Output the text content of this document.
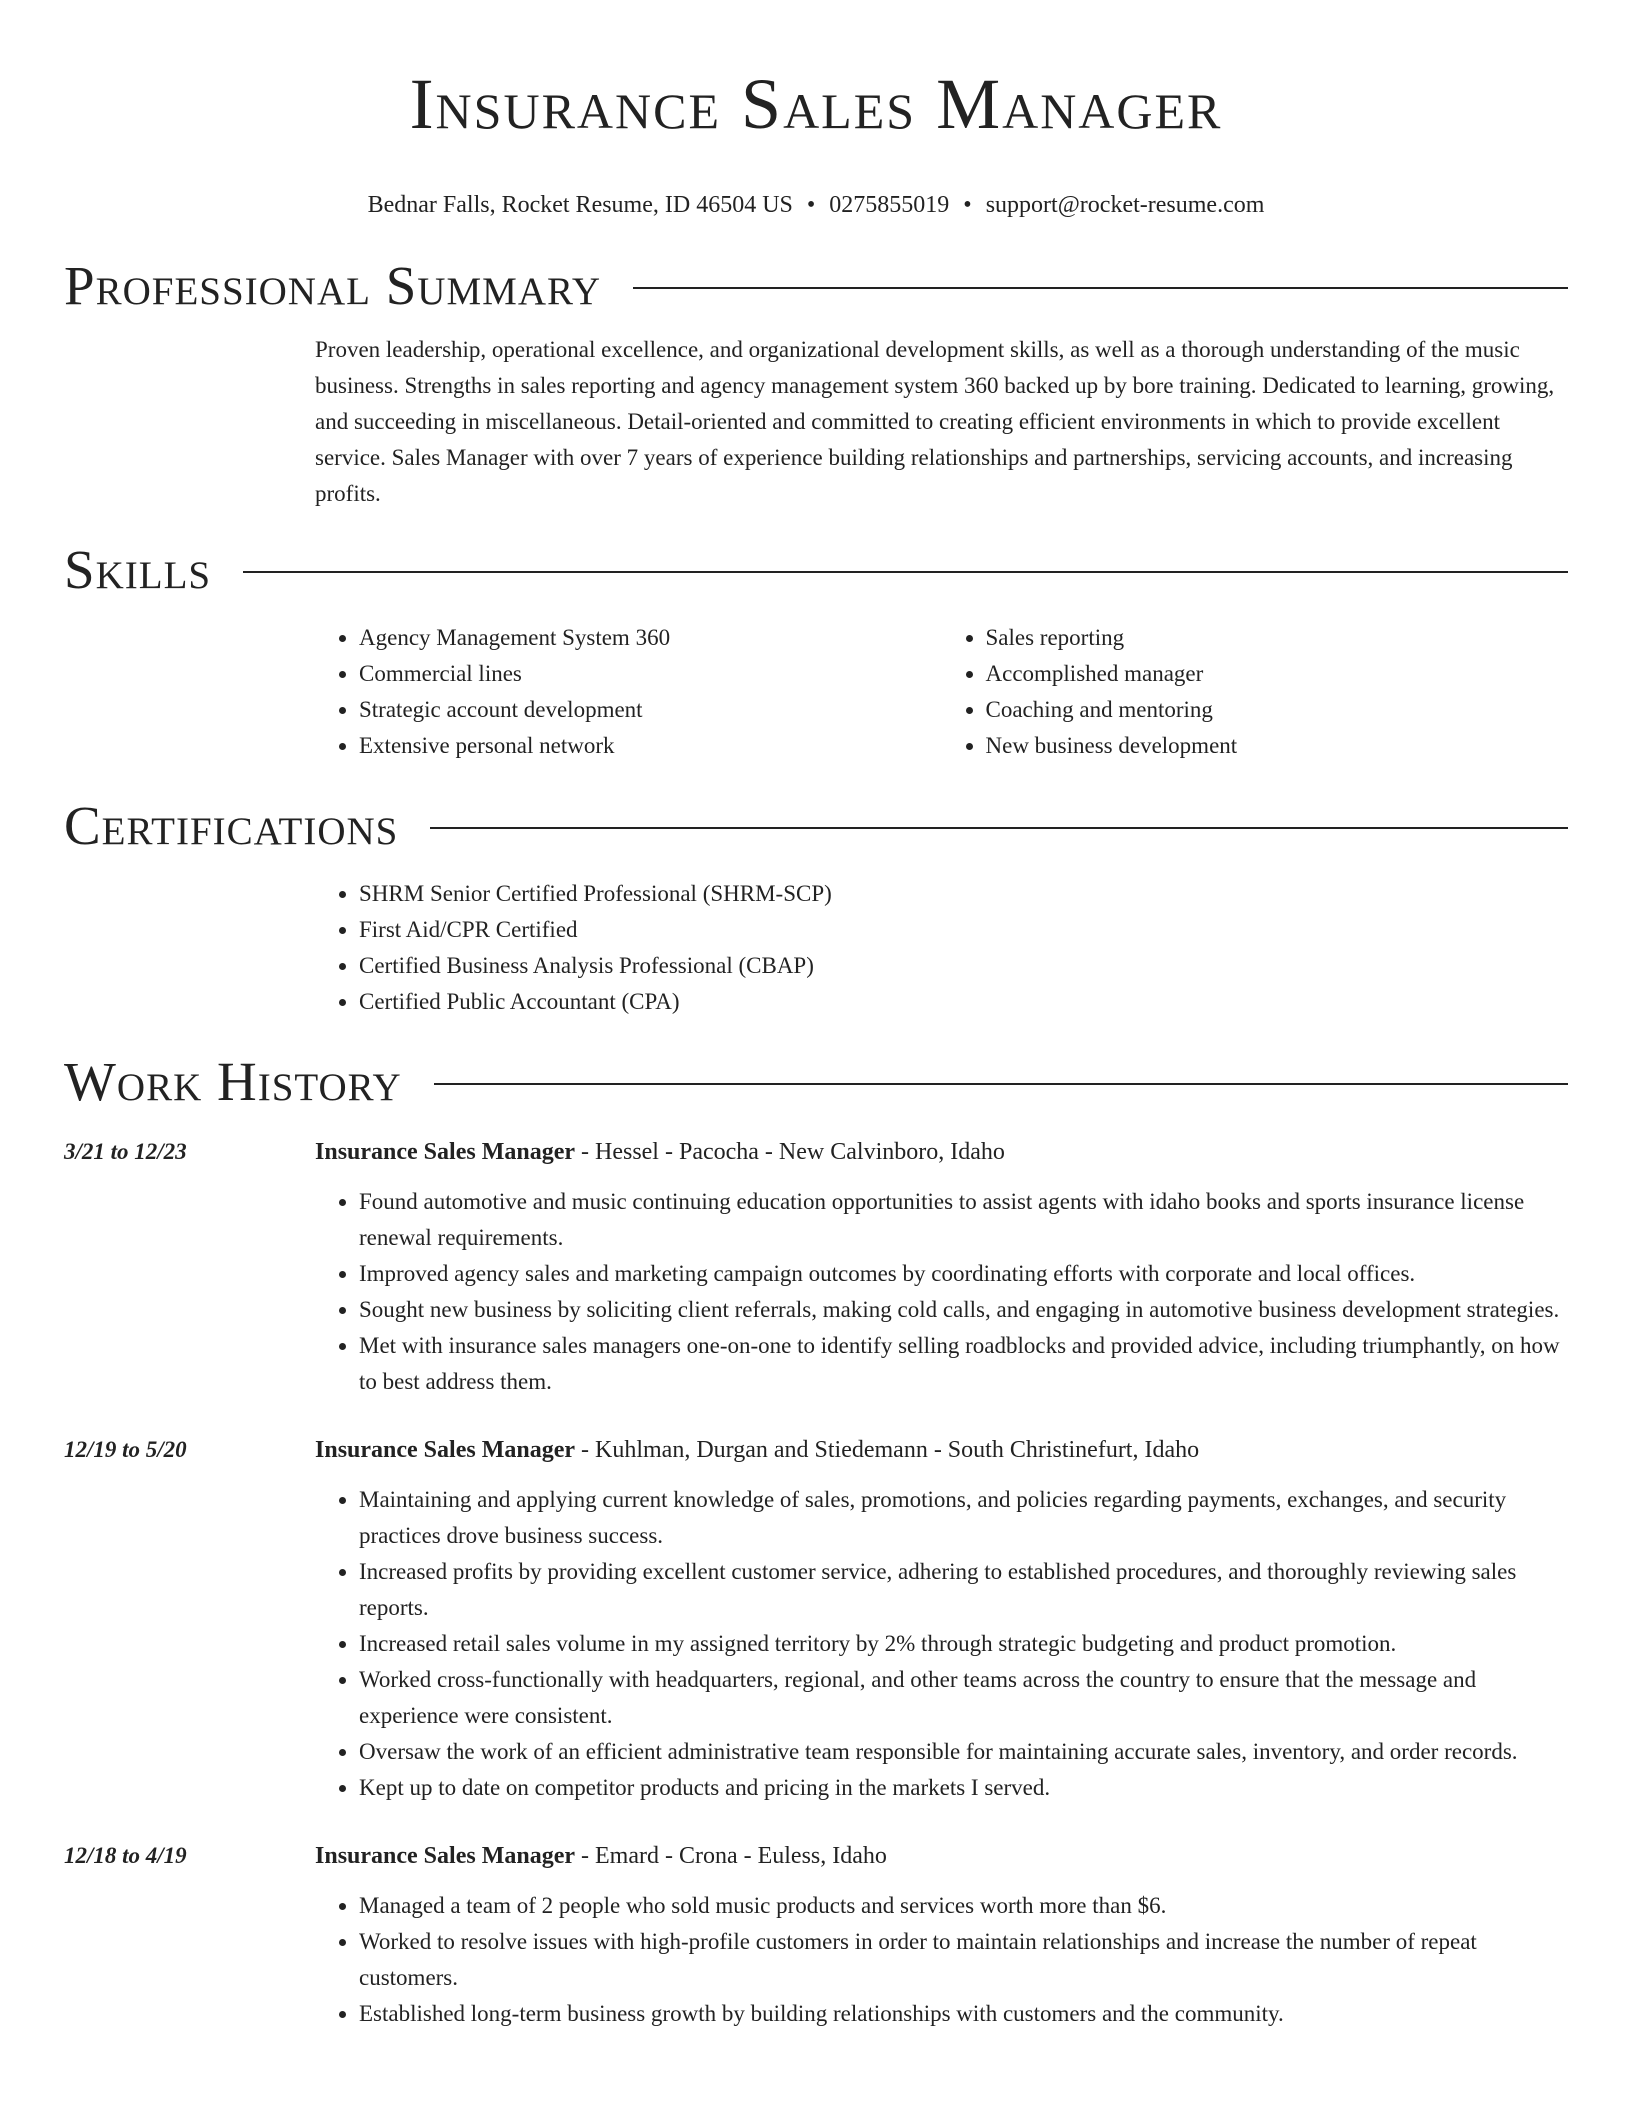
Insurance Sales Manager
Bednar Falls, Rocket Resume, ID 46504 US • 0275855019 • support@rocket-resume.com
Professional Summary
Proven leadership, operational excellence, and organizational development skills, as well as a thorough understanding of the music business. Strengths in sales reporting and agency management system 360 backed up by bore training. Dedicated to learning, growing, and succeeding in miscellaneous. Detail-oriented and committed to creating efficient environments in which to provide excellent service. Sales Manager with over 7 years of experience building relationships and partnerships, servicing accounts, and increasing profits.
Skills
• Agency Management System 360
• Commercial lines
• Strategic account development
• Extensive personal network
• Sales reporting
• Accomplished manager
• Coaching and mentoring
• New business development
Certifications
• SHRM Senior Certified Professional (SHRM-SCP)
• First Aid/CPR Certified
• Certified Business Analysis Professional (CBAP)
• Certified Public Accountant (CPA)
Work History
3/21 to 12/23	Insurance Sales Manager - Hessel - Pacocha - New Calvinboro, Idaho
• Found automotive and music continuing education opportunities to assist agents with idaho books and sports insurance license renewal requirements.
• Improved agency sales and marketing campaign outcomes by coordinating efforts with corporate and local offices.
• Sought new business by soliciting client referrals, making cold calls, and engaging in automotive business development strategies.
• Met with insurance sales managers one-on-one to identify selling roadblocks and provided advice, including triumphantly, on how to best address them.
12/19 to 5/20	Insurance Sales Manager - Kuhlman, Durgan and Stiedemann - South Christinefurt, Idaho
• Maintaining and applying current knowledge of sales, promotions, and policies regarding payments, exchanges, and security practices drove business success.
• Increased profits by providing excellent customer service, adhering to established procedures, and thoroughly reviewing sales reports.
• Increased retail sales volume in my assigned territory by 2% through strategic budgeting and product promotion.
• Worked cross-functionally with headquarters, regional, and other teams across the country to ensure that the message and experience were consistent.
• Oversaw the work of an efficient administrative team responsible for maintaining accurate sales, inventory, and order records.
• Kept up to date on competitor products and pricing in the markets I served.
12/18 to 4/19	Insurance Sales Manager - Emard - Crona - Euless, Idaho
• Managed a team of 2 people who sold music products and services worth more than $6.
• Worked to resolve issues with high-profile customers in order to maintain relationships and increase the number of repeat customers.
• Established long-term business growth by building relationships with customers and the community.
